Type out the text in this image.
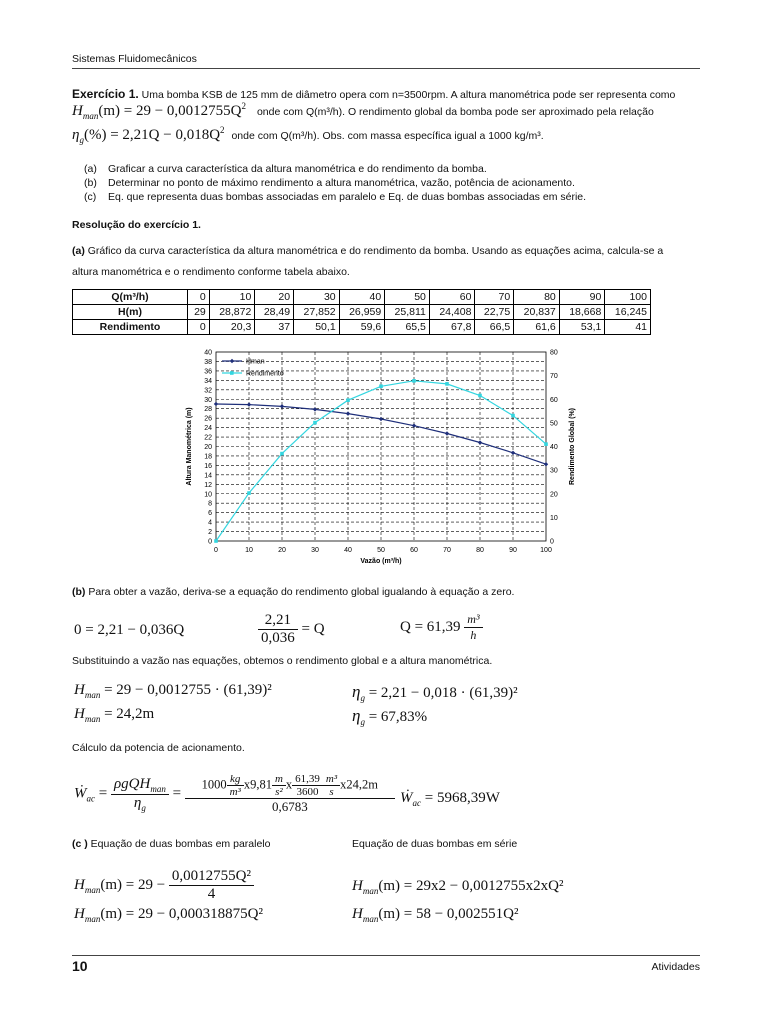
Sistemas Fluidomecânicos
Exercício 1. Uma bomba KSB de 125 mm de diâmetro opera com n=3500rpm. A altura manométrica pode ser representa como
$H_{man}(m) = 29 - 0,0012755Q^2$ onde com Q(m³/h). O rendimento global da bomba pode ser aproximado pela relação
$\eta_g(\%) = 2,21Q - 0,018Q^2$ onde com Q(m³/h). Obs. com massa específica igual a 1000 kg/m³.
(a) Graficar a curva característica da altura manométrica e do rendimento da bomba.
(b) Determinar no ponto de máximo rendimento a altura manométrica, vazão, potência de acionamento.
(c) Eq. que representa duas bombas associadas em paralelo e Eq. de duas bombas associadas em série.
Resolução do exercício 1.
(a) Gráfico da curva característica da altura manométrica e do rendimento da bomba. Usando as equações acima, calcula-se a
altura manométrica e o rendimento conforme tabela abaixo.
Q(m³/h)	0	10	20	30	40	50	60	70	80	90	100
H(m)	29	28,872	28,49	27,852	26,959	25,811	24,408	22,75	20,837	18,668	16,245
Rendimento	0	20,3	37	50,1	59,6	65,5	67,8	66,5	61,6	53,1	41
0
2
4
6
8
10
12
14
16
18
20
22
24
26
28
30
32
34
36
38
40
0	10	20	30	40	50	60	70	80	90	100
0
10
20
30
40
50
60
70
80
Vazão (m³/h)
Altura Manométrica (m)	Rendimento Global (%)
Hman
Rendimento
(b) Para obter a vazão, deriva-se a equação do rendimento global igualando à equação a zero.
0 = 2,21 − 0,036Q	$\frac{2,21}{0,036} = Q$	$Q = 61,39 \frac{\text{m³}}{h}$
Substituindo a vazão nas equações, obtemos o rendimento global e a altura manométrica.
$H_{man} = 29 - 0,0012755 \cdot (61,39)^2$
$H_{man} = 24,2m$
$\eta_g = 2,21 - 0,018 \cdot (61,39)^2$
$\eta_g = 67,83\%$
Cálculo da potencia de acionamento.
Ẇ$_{ac}$ = $\frac{\rho gQH_{man}}{\eta_g} = \frac{1000 \frac{kg}{\text{m³}} x9,81 \frac{m}{\text{s²}} x \frac{61,39}{3600} \frac{\text{m³}}{s} x24,2m}{0,6783}$ Ẇ$_{ac}$ = 5968,39W
(c ) Equação de duas bombas em paralelo	Equação de duas bombas em série
$H_{man}(m) = 29 - \frac{\text{0,0012755Q²}}{4}$
$H_{man}(m) = 29 - 0,000318875Q^2$
$H_{man}(m) = 29x2 - 0,0012755x2xQ^2$
$H_{man}(m) = 58 - 0,002551Q^2$
10	Atividades
